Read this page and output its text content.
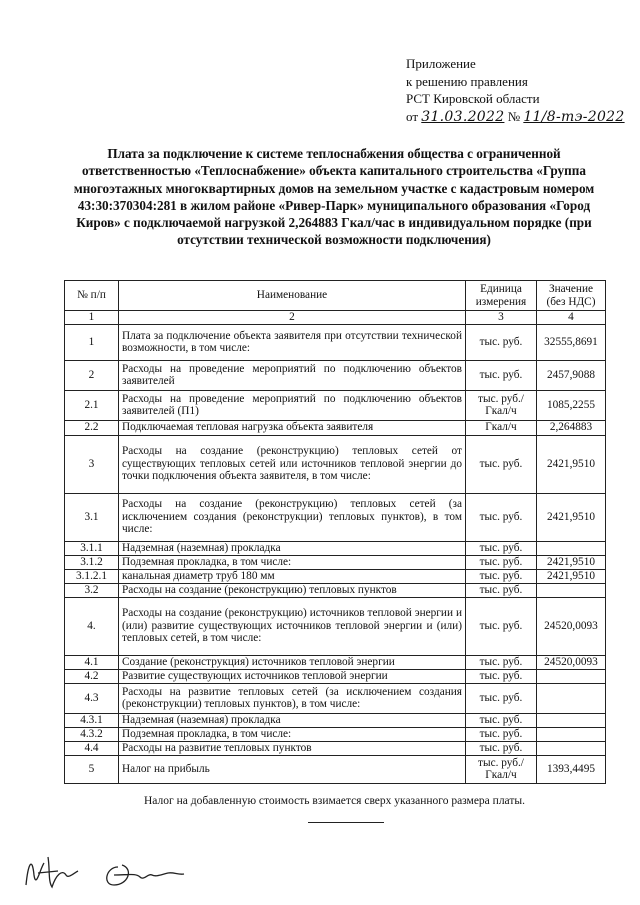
Приложение
к решению правления
РСТ Кировской области
от 31.03.2022 № 11/8-тэ-2022
Плата за подключение к системе теплоснабжения общества с ограниченной ответственностью «Теплоснабжение» объекта капитального строительства «Группа многоэтажных многоквартирных домов на земельном участке с кадастровым номером 43:30:370304:281 в жилом районе «Ривер-Парк» муниципального образования «Город Киров» с подключаемой нагрузкой 2,264883 Гкал/час в индивидуальном порядке (при отсутствии технической возможности подключения)
№ п/п	Наименование	Единица измерения	Значение (без НДС)
1	2	3	4
1	Плата за подключение объекта заявителя при отсутствии технической возможности, в том числе:	тыс. руб.	32555,8691
2	Расходы на проведение мероприятий по подключению объектов заявителей	тыс. руб.	2457,9088
2.1	Расходы на проведение мероприятий по подключению объектов заявителей (П1)	тыс. руб./ Гкал/ч	1085,2255
2.2	Подключаемая тепловая нагрузка объекта заявителя	Гкал/ч	2,264883
3	Расходы на создание (реконструкцию) тепловых сетей от существующих тепловых сетей или источников тепловой энергии до точки подключения объекта заявителя, в том числе:	тыс. руб.	2421,9510
3.1	Расходы на создание (реконструкцию) тепловых сетей (за исключением создания (реконструкции) тепловых пунктов), в том числе:	тыс. руб.	2421,9510
3.1.1	Надземная (наземная) прокладка	тыс. руб.	
3.1.2	Подземная прокладка, в том числе:	тыс. руб.	2421,9510
3.1.2.1	канальная диаметр труб 180 мм	тыс. руб.	2421,9510
3.2	Расходы на создание (реконструкцию) тепловых пунктов	тыс. руб.	
4.	Расходы на создание (реконструкцию) источников тепловой энергии и (или) развитие существующих источников тепловой энергии и (или) тепловых сетей, в том числе:	тыс. руб.	24520,0093
4.1	Создание (реконструкция) источников тепловой энергии	тыс. руб.	24520,0093
4.2	Развитие существующих источников тепловой энергии	тыс. руб.	
4.3	Расходы на развитие тепловых сетей (за исключением создания (реконструкции) тепловых пунктов), в том числе:	тыс. руб.	
4.3.1	Надземная (наземная) прокладка	тыс. руб.	
4.3.2	Подземная прокладка, в том числе:	тыс. руб.	
4.4	Расходы на развитие тепловых пунктов	тыс. руб.	
5	Налог на прибыль	тыс. руб./ Гкал/ч	1393,4495
Налог на добавленную стоимость взимается сверх указанного размера платы.
